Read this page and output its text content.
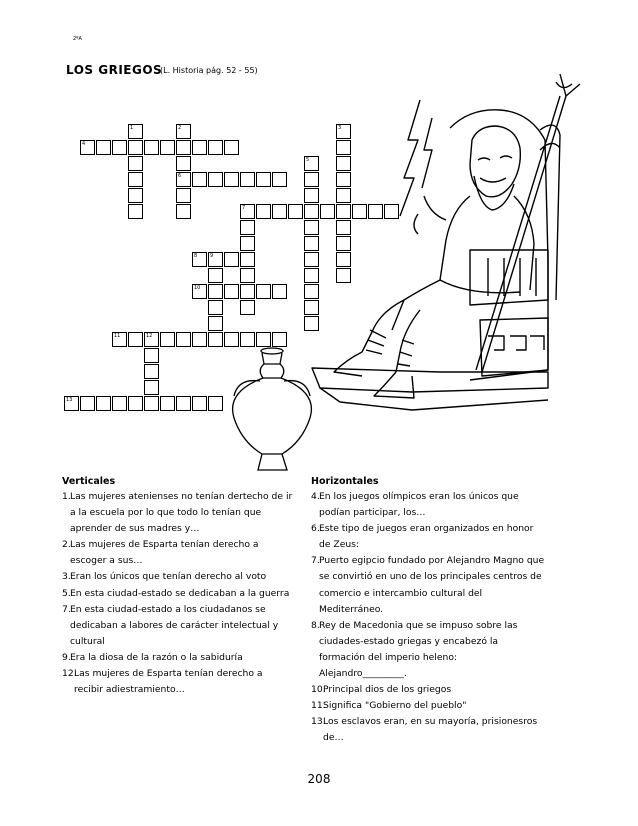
2ºA
LOS GRIEGOS
(L. Historia pág. 52 - 55)
1	2	3
4
5
6
7
8	9
10
11	12
13
Verticales
1. Las mujeres atenienses no tenían dertecho de ir a la escuela por lo que todo lo tenían que aprender de sus madres y…
2. Las mujeres de Esparta tenían derecho a escoger a sus…
3. Eran los únicos que tenían derecho al voto
5. En esta ciudad-estado se dedicaban a la guerra
7. En esta ciudad-estado a los ciudadanos se dedicaban a labores de carácter intelectual y cultural
9. Era la diosa de la razón o la sabiduría
12.
Las mujeres de Esparta tenían derecho a recibir adiestramiento…
Horizontales
4. En los juegos olímpicos eran los únicos que podían participar, los…
6. Este tipo de juegos eran organizados en honor de Zeus:
7. Puerto egipcio fundado por Alejandro Magno que se convirtió en uno de los principales centros de comercio e intercambio cultural del Mediterráneo.
8. Rey de Macedonia que se impuso sobre las ciudades-estado griegas y encabezó la formación del imperio heleno: Alejandro_________.
10.
Principal dios de los griegos
11.
Significa "Gobierno del pueblo"
13.
Los esclavos eran, en su mayoría, prisionesros de…
208
